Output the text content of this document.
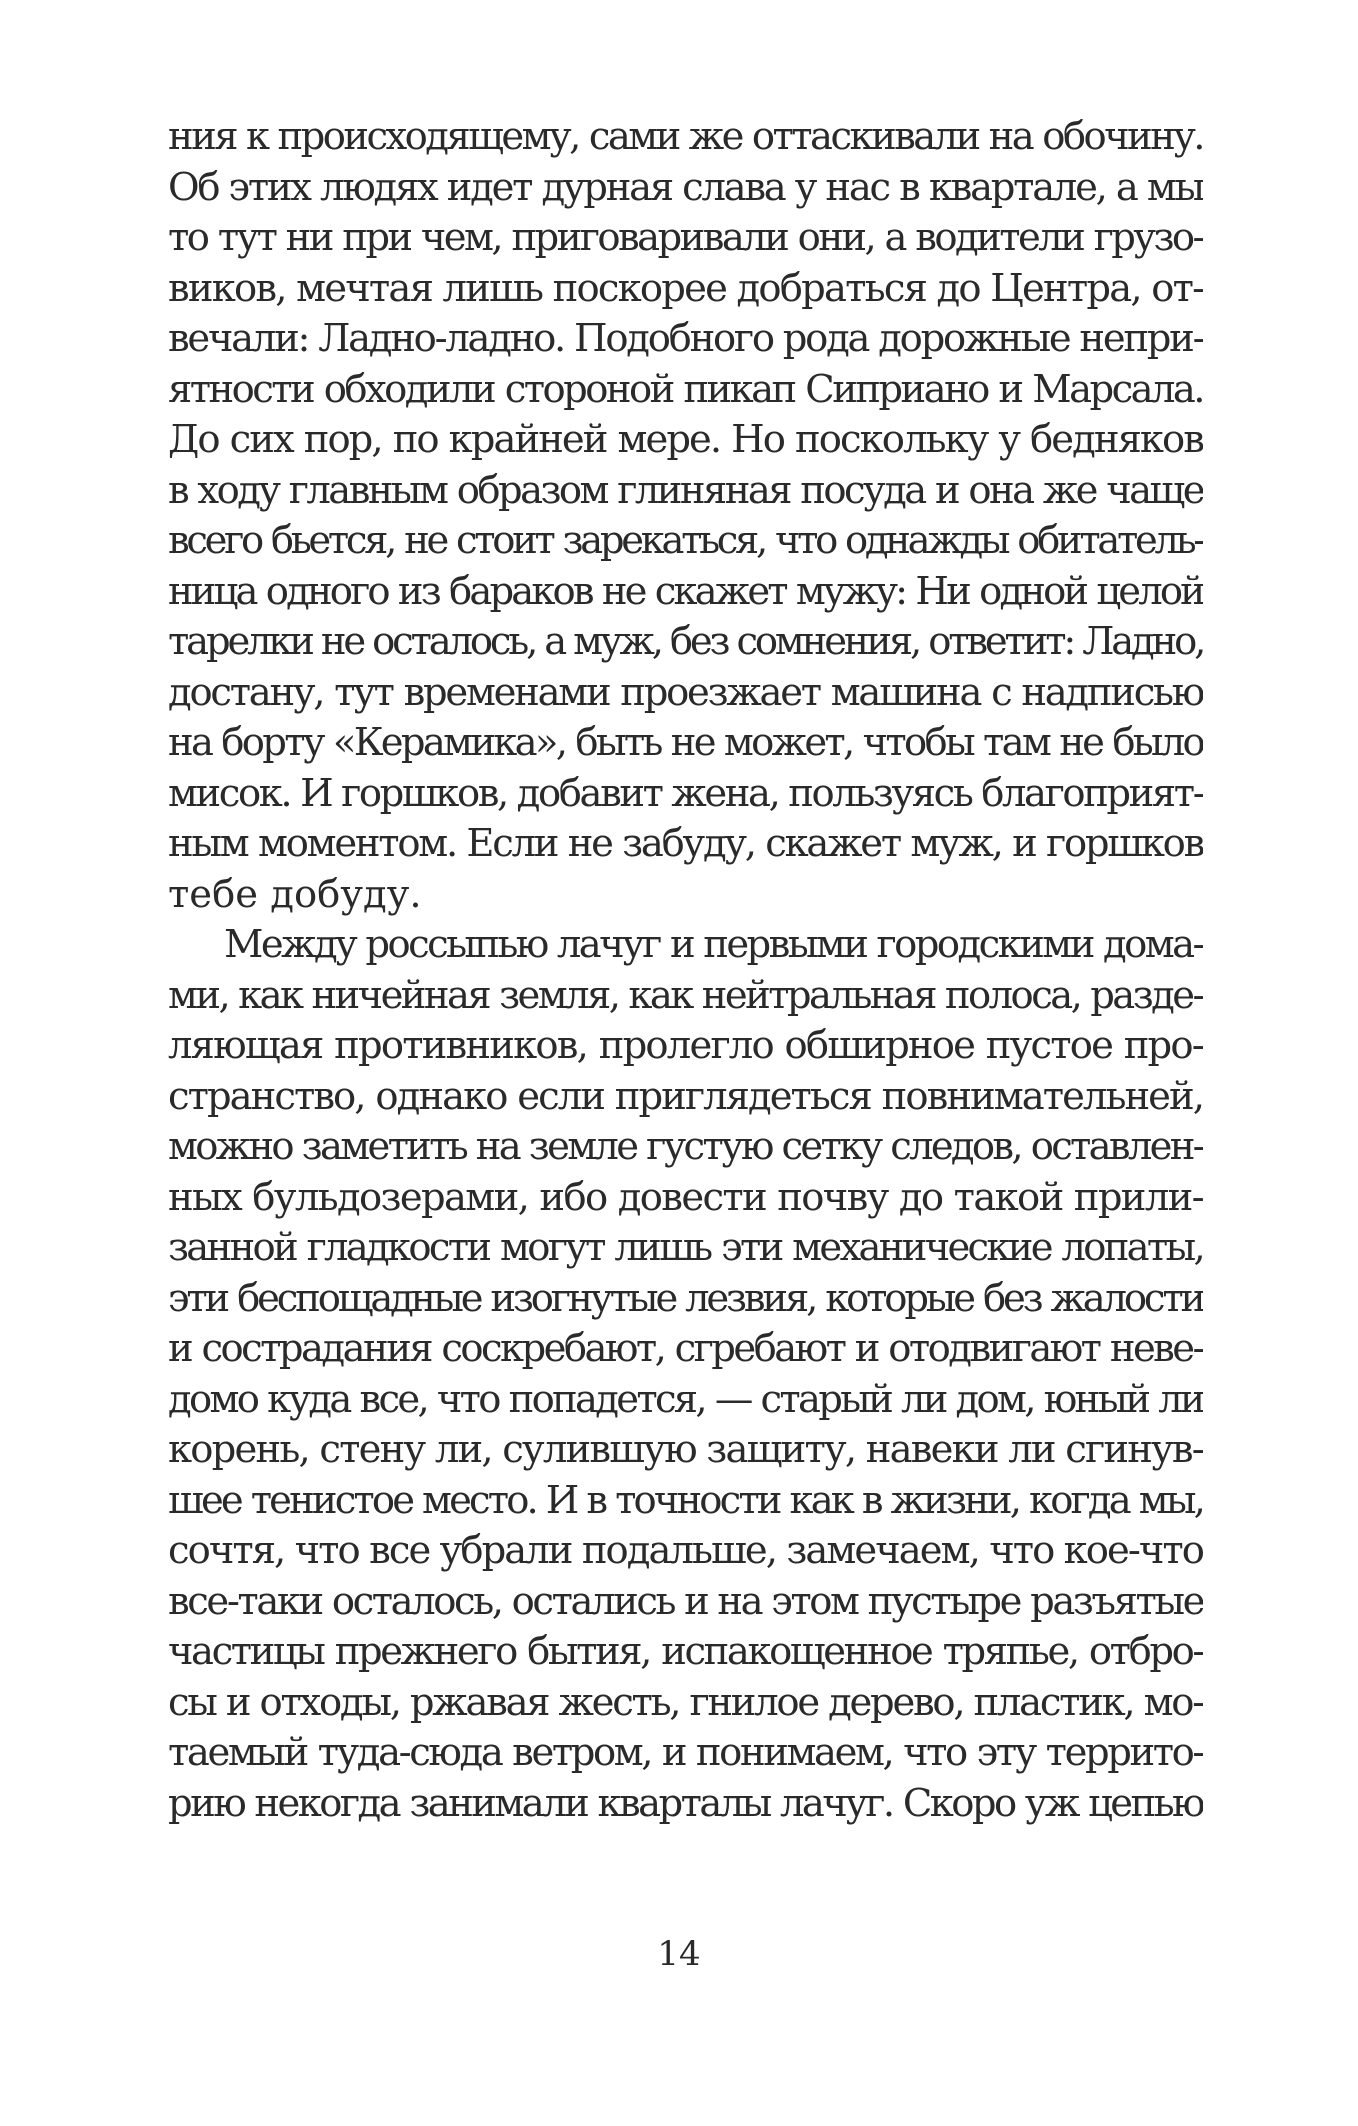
ния к происходящему, сами же оттаскивали на обочину.
Об этих людях идет дурная слава у нас в квартале, а мы
то тут ни при чем, приговаривали они, а водители грузо-
виков, мечтая лишь поскорее добраться до Центра, от-
вечали: Ладно-ладно. Подобного рода дорожные непри-
ятности обходили стороной пикап Сиприано и Марсала.
До сих пор, по крайней мере. Но поскольку у бедняков
в ходу главным образом глиняная посуда и она же чаще
всего бьется, не стоит зарекаться, что однажды обитатель-
ница одного из бараков не скажет мужу: Ни одной целой
тарелки не осталось, а муж, без сомнения, ответит: Ладно,
достану, тут временами проезжает машина с надписью
на борту «Керамика», быть не может, чтобы там не было
мисок. И горшков, добавит жена, пользуясь благоприят-
ным моментом. Если не забуду, скажет муж, и горшков
тебе добуду.
Между россыпью лачуг и первыми городскими дома-
ми, как ничейная земля, как нейтральная полоса, разде-
ляющая противников, пролегло обширное пустое про-
странство, однако если приглядеться повнимательней,
можно заметить на земле густую сетку следов, оставлен-
ных бульдозерами, ибо довести почву до такой прили-
занной гладкости могут лишь эти механические лопаты,
эти беспощадные изогнутые лезвия, которые без жалости
и сострадания соскребают, сгребают и отодвигают неве-
домо куда все, что попадется, — старый ли дом, юный ли
корень, стену ли, сулившую защиту, навеки ли сгинув-
шее тенистое место. И в точности как в жизни, когда мы,
сочтя, что все убрали подальше, замечаем, что кое-что
все-таки осталось, остались и на этом пустыре разъятые
частицы прежнего бытия, испакощенное тряпье, отбро-
сы и отходы, ржавая жесть, гнилое дерево, пластик, мо-
таемый туда-сюда ветром, и понимаем, что эту террито-
рию некогда занимали кварталы лачуг. Скоро уж цепью
14
